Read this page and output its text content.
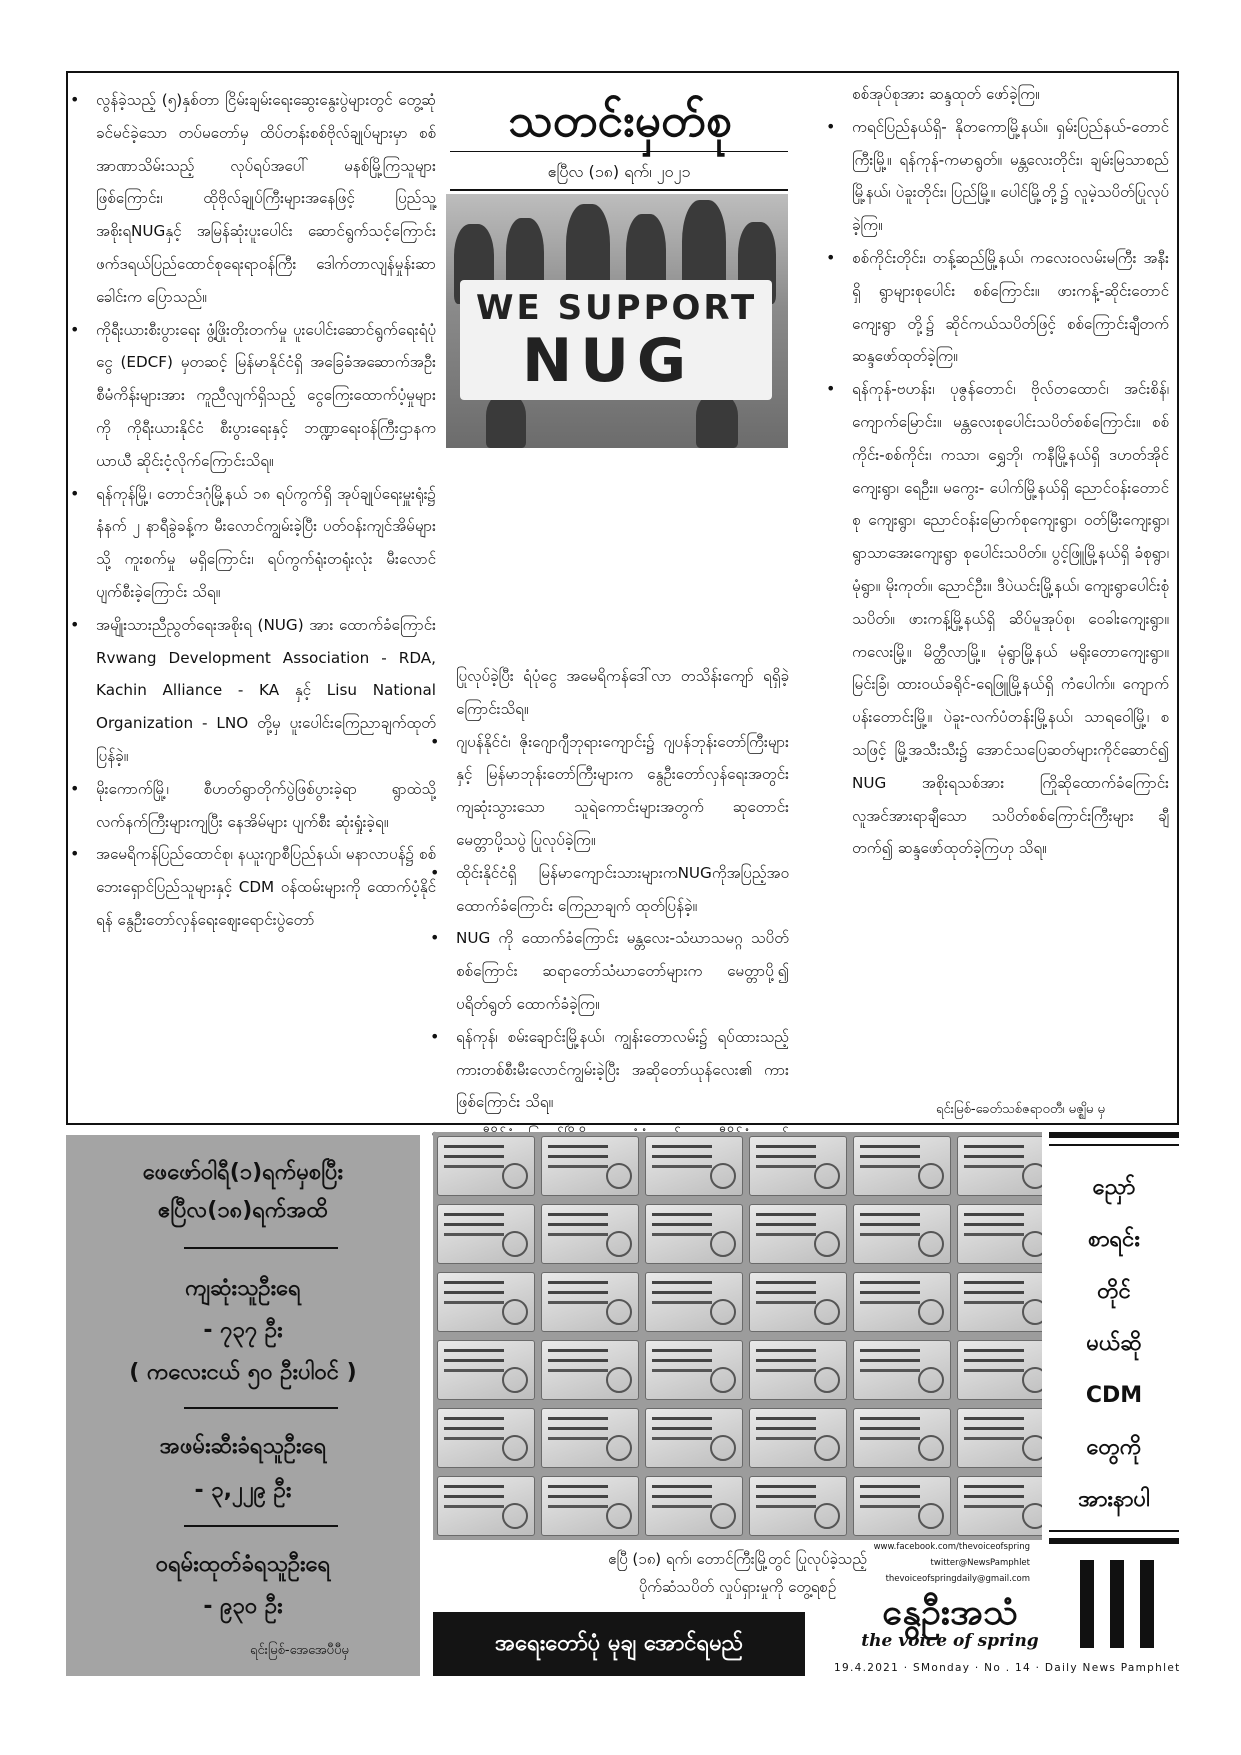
• လွန်ခဲ့သည့် (၅)နှစ်တာ ငြိမ်းချမ်းရေးဆွေးနွေးပွဲများတွင် တွေ့ဆုံခင်မင်ခဲ့သော တပ်မတော်မှ ထိပ်တန်းစစ်ဗိုလ်ချုပ်များမှာ စစ်အာဏာသိမ်းသည့် လုပ်ရပ်အပေါ် မနစ်မြို့ကြသူများဖြစ်ကြောင်း၊ ထိုဗိုလ်ချုပ်ကြီးများအနေဖြင့် ပြည်သူ့အစိုးရNUGနှင့် အမြန်ဆုံးပူးပေါင်း ဆောင်ရွက်သင့်ကြောင်း ဖက်ဒရယ်ပြည်ထောင်စုရေးရာဝန်ကြီး ဒေါက်တာလျန်မှုန်းဆာခေါင်းက ပြောသည်။
• ကိုရီးယားစီးပွားရေး ဖွံ့ဖြိုးတိုးတက်မှု ပူးပေါင်းဆောင်ရွက်ရေးရံပုံငွေ (EDCF) မှတဆင့် မြန်မာနိုင်ငံရှိ အခြေခံအဆောက်အဦးစီမံကိန်းများအား ကူညီလျက်ရှိသည့် ငွေကြေးထောက်ပံ့မှုများကို ကိုရီးယားနိုင်ငံ စီးပွားရေးနှင့် ဘဏ္ဍာရေးဝန်ကြီးဌာနက ယာယီ ဆိုင်းငံ့လိုက်ကြောင်းသိရ။
• ရန်ကုန်မြို့၊ တောင်ဒဂုံမြို့နယ် ၁၈ ရပ်ကွက်ရှိ အုပ်ချုပ်ရေးမှူးရုံး၌ နံနက် ၂ နာရီခွဲခန့်က မီးလောင်ကျွမ်းခဲ့ပြီး ပတ်ဝန်းကျင်အိမ်များသို့ ကူးစက်မှု မရှိကြောင်း၊ ရပ်ကွက်ရုံးတရုံးလုံး မီးလောင်ပျက်စီးခဲ့ကြောင်း သိရ။
• အမျိုးသားညီညွတ်ရေးအစိုးရ (NUG) အား ထောက်ခံကြောင်း Rvwang Development Association - RDA, Kachin Alliance - KA နှင့် Lisu National Organization - LNO တို့မှ ပူးပေါင်းကြေညာချက်ထုတ်ပြန်ခဲ့။
• မိုးကောက်မြို့၊ စီဟတ်ရွာတိုက်ပွဲဖြစ်ပွားခဲ့ရာ ရွာထဲသို့ လက်နက်ကြီးများကျပြီး နေအိမ်များ ပျက်စီး ဆုံးရှုံးခဲ့ရ။
• အမေရိကန်ပြည်ထောင်စု၊ နယူးဂျာစီပြည်နယ်၊ မနာလာပန်၌ စစ်ဘေးရှောင်ပြည်သူများနှင့် CDM ဝန်ထမ်းများကို ထောက်ပံ့နိုင်ရန် နွေဦးတော်လှန်ရေးဈေးရောင်းပွဲတော်
သတင်းမှတ်စု
ဧပြီလ (၁၈) ရက်၊ ၂၀၂၁
WE SUPPORT
NUG

ပြုလုပ်ခဲ့ပြီး ရံပုံငွေ အမေရိကန်ဒေါ်လာ တသိန်းကျော် ရရှိခဲ့ကြောင်းသိရ။

• ဂျပန်နိုင်ငံ၊ ဇိုးဂျောဂျီဘုရားကျောင်း၌ ဂျပန်ဘုန်းတော်ကြီးများ နှင့် မြန်မာဘုန်းတော်ကြီးများက နွေဦးတော်လှန်ရေးအတွင်း ကျဆုံးသွားသော သူရဲကောင်းများအတွက် ဆုတောင်း မေတ္တာပို့သပွဲ ပြုလုပ်ခဲ့ကြ။
• ထိုင်းနိုင်ငံရှိ မြန်မာကျောင်းသားများကNUGကိုအပြည့်အဝထောက်ခံကြောင်း ကြေညာချက် ထုတ်ပြန်ခဲ့။
• NUG ကို ထောက်ခံကြောင်း မန္တလေး-သံဃာသမဂ္ဂ သပိတ်စစ်ကြောင်း ဆရာတော်သံဃာတော်များက မေတ္တာပို့၍ ပရိတ်ရွတ် ထောက်ခံခဲ့ကြ။
• ရန်ကုန်၊ စမ်းချောင်းမြို့နယ်၊ ကျွန်းတောလမ်း၌ ရပ်ထားသည့် ကားတစ်စီးမီးလောင်ကျွမ်းခဲ့ပြီး အဆိုတော်ယုန်လေး၏ ကားဖြစ်ကြောင်း သိရ။
•

စစ်အုပ်စုအား ဆန္ဒထုတ် ဖော်ခဲ့ကြ။

• ကရင်ပြည်နယ်ရှိ- နိုတကောမြို့နယ်။ ရှမ်းပြည်နယ်-တောင်ကြီးမြို့။ ရန်ကုန်-ကမာရွတ်။ မန္တလေးတိုင်း၊ ချမ်းမြသာစည်မြို့နယ်၊ ပဲခူးတိုင်း၊ ပြည်မြို့။ ပေါင်မြို့တို့၌ လူမဲ့သပိတ်ပြုလုပ်ခဲ့ကြ။
• စစ်ကိုင်းတိုင်း၊ တန့်ဆည်မြို့နယ်၊ ကလေးဝလမ်းမကြီး အနီးရှိ ရွာများစုပေါင်း စစ်ကြောင်း။ ဖားကန့်-ဆိုင်းတောင်ကျေးရွာ တို့၌ ဆိုင်ကယ်သပိတ်ဖြင့် စစ်ကြောင်းချီတက် ဆန္ဒဖော်ထုတ်ခဲ့ကြ။
• ရန်ကုန်-ဗဟန်း၊ ပုဇွန်တောင်၊ ဗိုလ်တထောင်၊ အင်းစိန်၊ ကျောက်မြောင်း။ မန္တလေးစုပေါင်းသပိတ်စစ်ကြောင်း။ စစ်ကိုင်း-စစ်ကိုင်း၊ ကသာ၊ ရွှေဘို၊ ကနီမြို့နယ်ရှိ ဒဟတ်အိုင်ကျေးရွာ၊ ရေဦး။ မကွေး- ပေါက်မြို့နယ်ရှိ ညောင်ဝန်းတောင်စု ကျေးရွာ၊ ညောင်ဝန်းမြောက်စုကျေးရွာ၊ ဝတ်မြီးကျေးရွာ၊ ရွာသာအေးကျေးရွာ စုပေါင်းသပိတ်။ ပွင့်ဖြူမြို့နယ်ရှိ ခံစုရွာ၊ မုံရွာ။ မိုးကုတ်။ ညောင်ဦး။ ဒီပဲယင်းမြို့နယ်၊ ကျေးရွာပေါင်းစုံသပိတ်။ ဖားကန့်မြို့နယ်ရှိ ဆိပ်မူအုပ်စု၊ ဝေခါးကျေးရွာ။ ကလေးမြို့။ မိတ္ထီလာမြို့။ မုံရွာမြို့နယ် မရိုးတောကျေးရွာ။ မြင်းခြံ၊ ထားဝယ်ခရိုင်-ရေဖြူမြို့နယ်ရှိ ကံပေါက်။ ကျောက်ပန်းတောင်းမြို့။ ပဲခူး-လက်ပံတန်းမြို့နယ်၊ သာရဝေါမြို့၊ စသဖြင့် မြို့အသီးသီး၌ အောင်သပြေဆတ်များကိုင်ဆောင်၍ NUG အစိုးရသစ်အား ကြိုဆိုထောက်ခံကြောင်း လူအင်အားရာချီသော သပိတ်စစ်ကြောင်းကြီးများ ချီတက်၍ ဆန္ဒဖော်ထုတ်ခဲ့ကြဟု သိရ။
ရင်းမြစ်-ခေတ်သစ်ဇရာဝတီ၊ မဇ္ဈိမ မှ
ဖေဖော်ဝါရီ(၁)ရက်မှစပြီး
ဧပြီလ(၁၈)ရက်အထိ
ကျဆုံးသူဦးရေ
- ၇၃၇ ဦး
( ကလေးငယ် ၅၀ ဦးပါဝင် )
အဖမ်းဆီးခံရသူဦးရေ
- ၃,၂၂၉ ဦး
ဝရမ်းထုတ်ခံရသူဦးရေ
- ၉၃၀ ဦး
ရင်းမြစ်-အေအေပီပီမှ
ဧပြီ (၁၈) ရက်၊ တောင်ကြီးမြို့တွင် ပြုလုပ်ခဲ့သည့်
ပိုက်ဆံသပိတ် လှုပ်ရှားမှုကို တွေ့ရစဉ်
အရေးတော်ပုံ မုချ အောင်ရမည်
ညှော်
စာရင်း
တိုင်
မယ်ဆို
CDM
တွေကို
အားနာပါ
www.facebook.com/thevoiceofspring
twitter@NewsPamphlet
thevoiceofspringdaily@gmail.com
နွေဦးအသံ
the voice of spring
19.4.2021 · SMonday · No . 14 · Daily News Pamphlet
